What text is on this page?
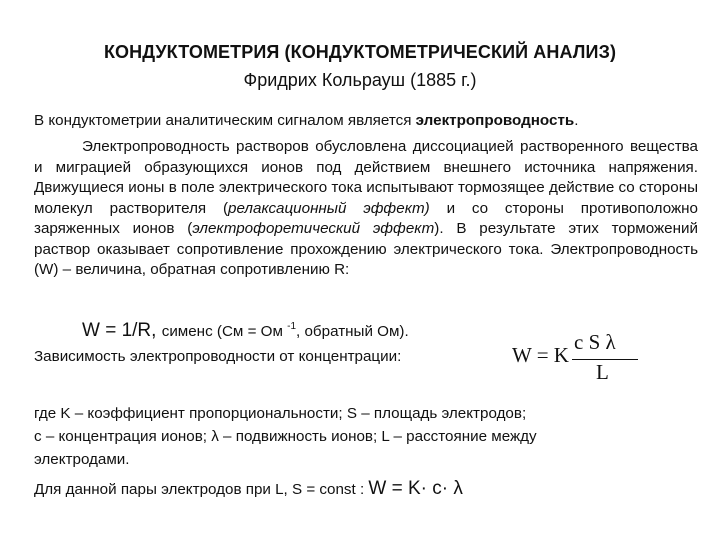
КОНДУКТОМЕТРИЯ (КОНДУКТОМЕТРИЧЕСКИЙ АНАЛИЗ)
Фридрих Кольрауш (1885 г.)
В кондуктометрии аналитическим сигналом является электропроводность.
Электропроводность растворов обусловлена диссоциацией растворенного вещества и миграцией образующихся ионов под действием внешнего источника напряжения. Движущиеся ионы в поле электрического тока испытывают тормозящее действие со стороны молекул растворителя (релаксационный эффект) и со стороны противоположно заряженных ионов (электрофоретический эффект). В результате этих торможений раствор оказывает сопротивление прохождению электрического тока. Электропроводность (W) – величина, обратная сопротивлению R:
W = 1/R, сименс (См = Ом $^{-1}$, обратный Ом).
Зависимость электропроводности от концентрации:	W = K
c S λ
L
где K – коэффициент пропорциональности; S – площадь электродов;
с – концентрация ионов; λ – подвижность ионов; L – расстояние между
электродами.
Для данной пары электродов при L, S = const : W = K· c· λ
